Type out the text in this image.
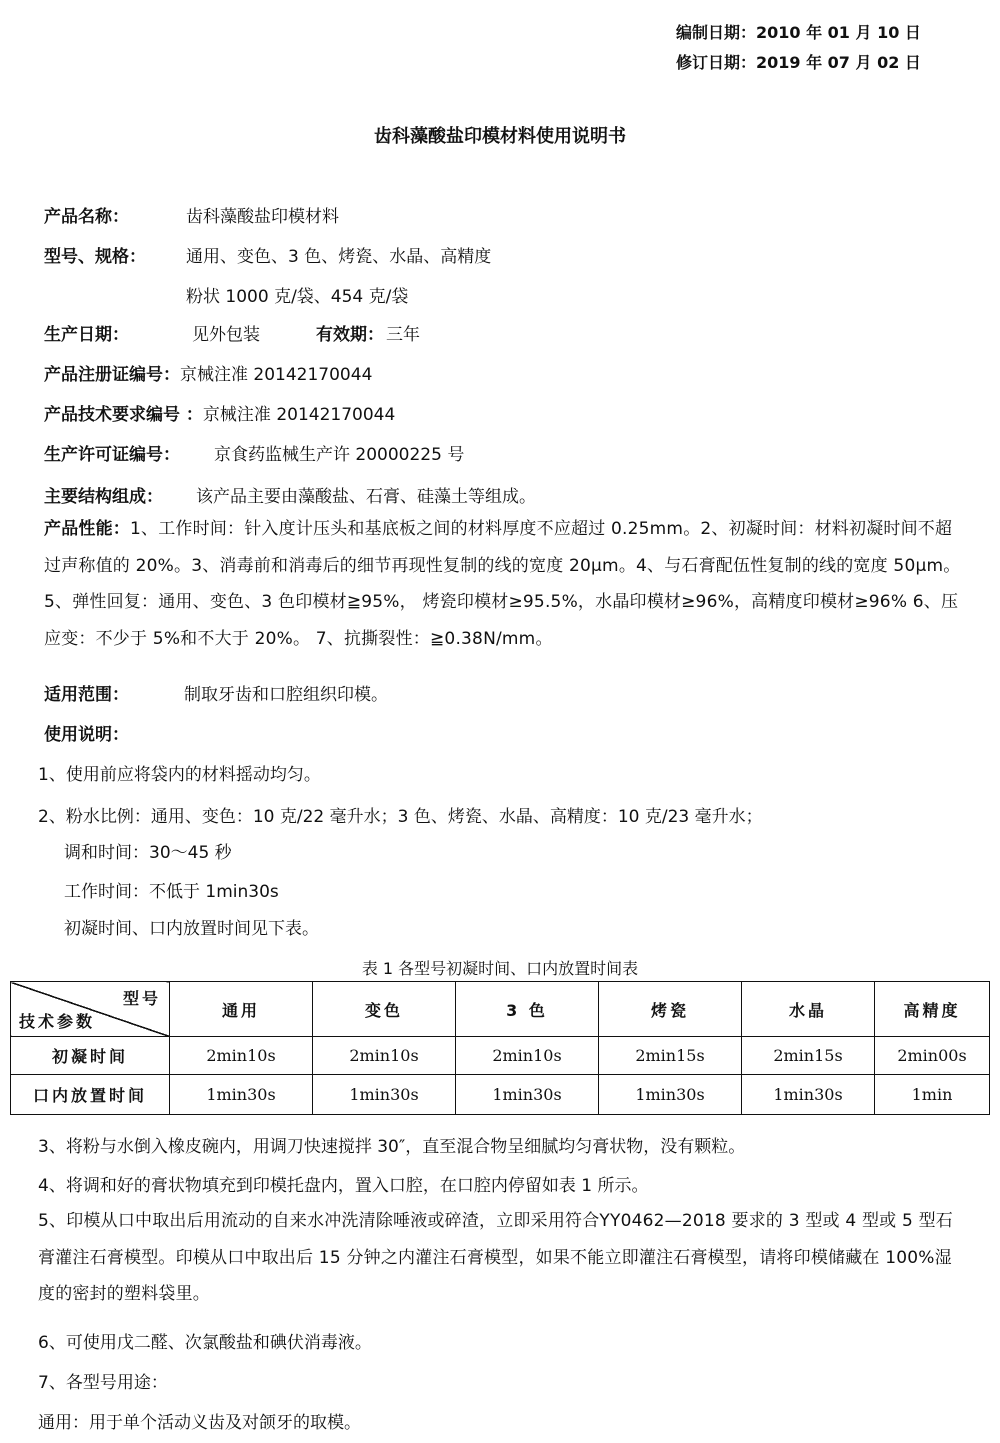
编制日期：2010 年 01 月 10 日
修订日期：2019 年 07 月 02 日
齿科藻酸盐印模材料使用说明书
产品名称：	齿科藻酸盐印模材料
型号、规格： 通用、变色、3 色、烤瓷、水晶、高精度
粉状 1000 克/袋、454 克/袋
生产日期：	见外包装	有效期： 三年
产品注册证编号：京械注准 20142170044
产品技术要求编号 ：京械注准 20142170044
生产许可证编号： 京食药监械生产许 20000225 号
主要结构组成： 该产品主要由藻酸盐、石膏、硅藻土等组成。
产品性能：1、工作时间：针入度计压头和基底板之间的材料厚度不应超过 0.25mm。2、初凝时间：材料初凝时间不超过声称值的 20%。3、消毒前和消毒后的细节再现性复制的线的宽度 20μm。4、与石膏配伍性复制的线的宽度 50μm。5、弹性回复：通用、变色、3 色印模材≧95%， 烤瓷印模材≥95.5%，水晶印模材≥96%，高精度印模材≥96% 6、压应变：不少于 5%和不大于 20%。 7、抗撕裂性：≧0.38N/mm。
适用范围：	制取牙齿和口腔组织印模。
使用说明：
1、使用前应将袋内的材料摇动均匀。
2、粉水比例：通用、变色：10 克/22 毫升水；3 色、烤瓷、水晶、高精度：10 克/23 毫升水；
调和时间：30～45 秒
工作时间：不低于 1min30s
初凝时间、口内放置时间见下表。
表 1 各型号初凝时间、口内放置时间表
型号
技术参数	通用	变色	3 色	烤瓷	水晶	高精度
初凝时间	2min10s	2min10s	2min10s	2min15s	2min15s	2min00s
口内放置时间	1min30s	1min30s	1min30s	1min30s	1min30s	1min
3、将粉与水倒入橡皮碗内，用调刀快速搅拌 30″，直至混合物呈细腻均匀膏状物，没有颗粒。
4、将调和好的膏状物填充到印模托盘内，置入口腔，在口腔内停留如表 1 所示。
5、印模从口中取出后用流动的自来水冲洗清除唾液或碎渣，立即采用符合YY0462—2018 要求的 3 型或 4 型或 5 型石膏灌注石膏模型。印模从口中取出后 15 分钟之内灌注石膏模型，如果不能立即灌注石膏模型，请将印模储藏在 100%湿度的密封的塑料袋里。
6、可使用戊二醛、次氯酸盐和碘伏消毒液。
7、各型号用途：
通用：用于单个活动义齿及对颌牙的取模。
